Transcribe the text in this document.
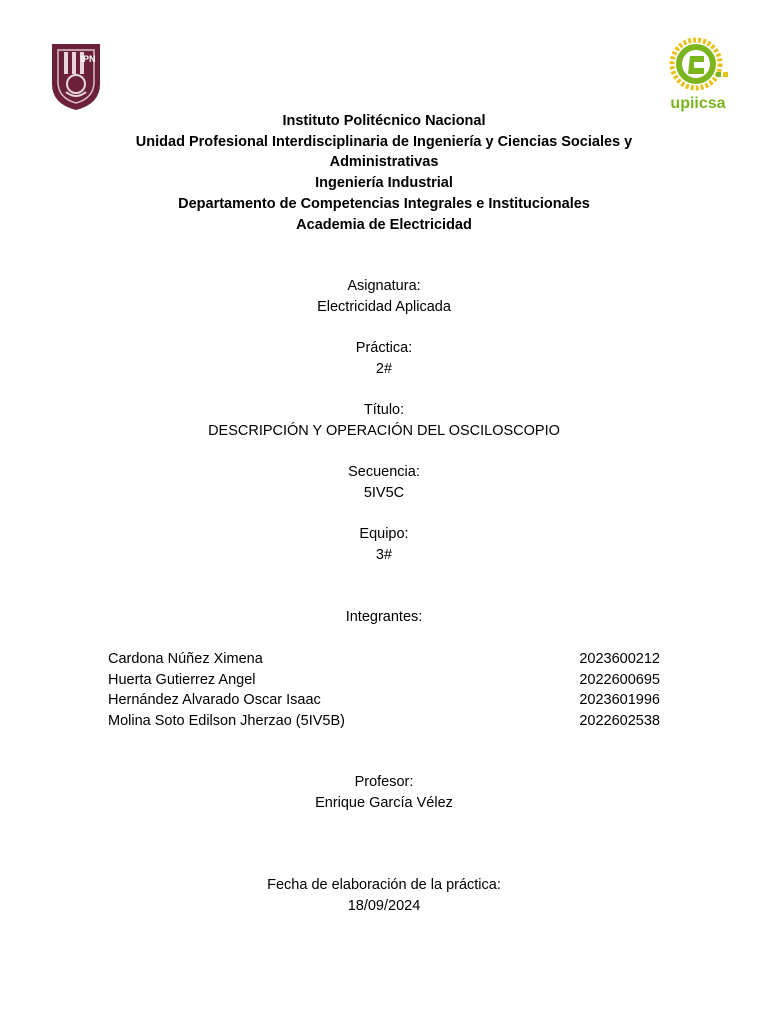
IPN
upiicsa
Instituto Politécnico Nacional
Unidad Profesional Interdisciplinaria de Ingeniería y Ciencias Sociales y
Administrativas
Ingeniería Industrial
Departamento de Competencias Integrales e Institucionales
Academia de Electricidad
Asignatura:
Electricidad Aplicada
Práctica:
2#
Título:
DESCRIPCIÓN Y OPERACIÓN DEL OSCILOSCOPIO
Secuencia:
5IV5C
Equipo:
3#
Integrantes:
Cardona Núñez Ximena	2023600212
Huerta Gutierrez Angel	2022600695
Hernández Alvarado Oscar Isaac	2023601996
Molina Soto Edilson Jherzao (5IV5B)	2022602538
Profesor:
Enrique García Vélez
Fecha de elaboración de la práctica:
18/09/2024
